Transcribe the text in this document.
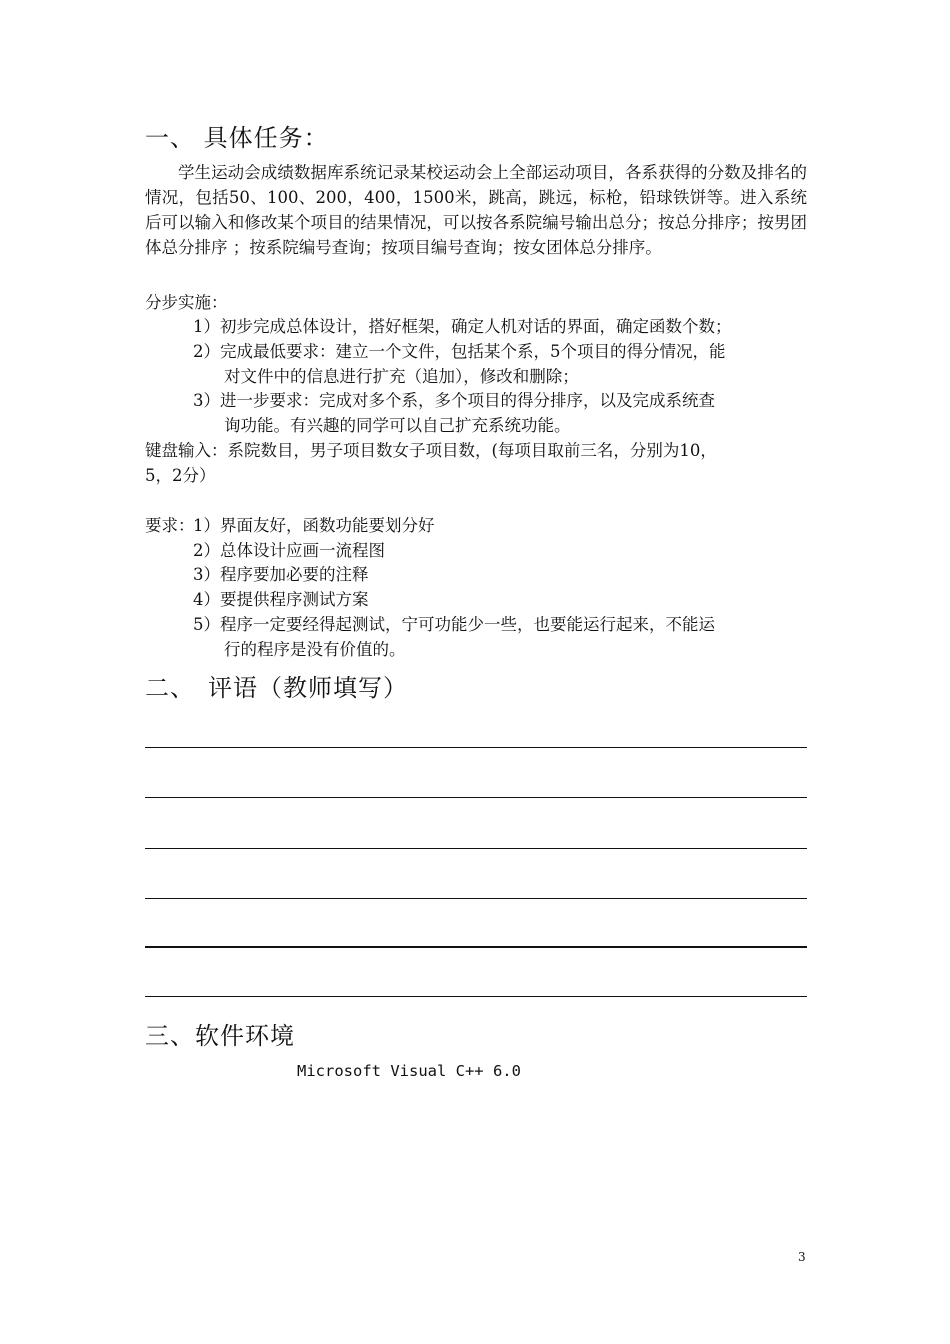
一、 具体任务：
学生运动会成绩数据库系统记录某校运动会上全部运动项目，各系获得的分数及排名的情况，包括50、100、200，400，1500米，跳高，跳远，标枪，铅球铁饼等。进入系统后可以输入和修改某个项目的结果情况，可以按各系院编号输出总分；按总分排序；按男团体总分排序 ；按系院编号查询；按项目编号查询；按女团体总分排序。
分步实施：
1）初步完成总体设计，搭好框架，确定人机对话的界面，确定函数个数；
2）完成最低要求：建立一个文件，包括某个系，5个项目的得分情况，能
对文件中的信息进行扩充（追加），修改和删除；
3）进一步要求：完成对多个系，多个项目的得分排序，以及完成系统查
询功能。有兴趣的同学可以自己扩充系统功能。
键盘输入：系院数目，男子项目数女子项目数，(每项目取前三名，分别为10，
5，2分）
要求：
1）界面友好，函数功能要划分好
2）总体设计应画一流程图
3）程序要加必要的注释
4）要提供程序测试方案
5）程序一定要经得起测试，宁可功能少一些，也要能运行起来，不能运
行的程序是没有价值的。
二、　评语（教师填写）
三、软件环境
Microsoft Visual C++ 6.0
3
